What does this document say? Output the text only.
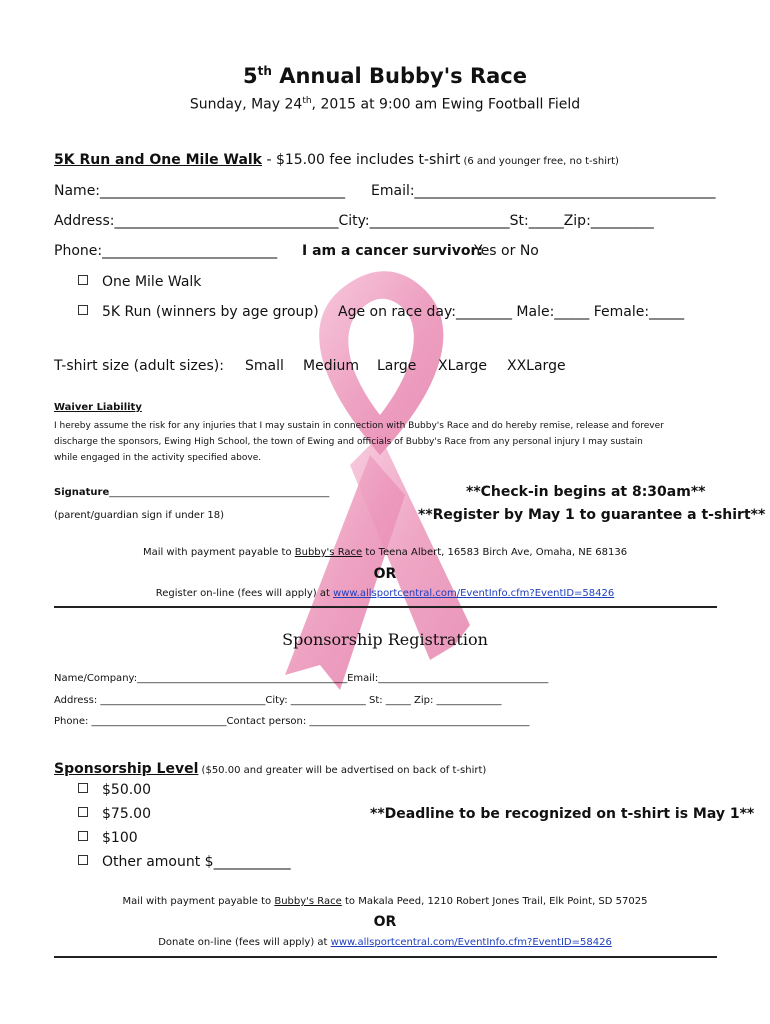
5th Annual Bubby's Race
Sunday, May 24th, 2015 at 9:00 am Ewing Football Field
5K Run and One Mile Walk - $15.00 fee includes t-shirt (6 and younger free, no t-shirt)
Name:___________________________________ Email:___________________________________________
Address:________________________________City:____________________St:_____Zip:_________
Phone:_________________________ I am a cancer survivor:
Yes or No
One Mile Walk
5K Run (winners by age group) Age on race day:________ Male:_____ Female:_____
T-shirt size (adult sizes): Small Medium Large XLarge XXLarge
Waiver Liability
I hereby assume the risk for any injuries that I may sustain in connection with Bubby's Race and do hereby remise, release and forever
discharge the sponsors, Ewing High School, the town of Ewing and officials of Bubby's Race from any personal injury I may sustain
while engaged in the activity specified above.
Signature____________________________________________
(parent/guardian sign if under 18)
**Check-in begins at 8:30am**
**Register by May 1 to guarantee a t-shirt**
Mail with payment payable to Bubby's Race to Teena Albert, 16583 Birch Ave, Omaha, NE 68136
OR
Register on-line (fees will apply) at www.allsportcentral.com/EventInfo.cfm?EventID=58426
Sponsorship Registration
Name/Company:__________________________________________Email:__________________________________
Address: _________________________________City: _______________ St: _____ Zip: _____________
Phone: ___________________________Contact person: ____________________________________________
Sponsorship Level ($50.00 and greater will be advertised on back of t-shirt)
$50.00
$75.00
$100
Other amount $___________
**Deadline to be recognized on t-shirt is May 1**
Mail with payment payable to Bubby's Race to Makala Peed, 1210 Robert Jones Trail, Elk Point, SD 57025
OR
Donate on-line (fees will apply) at www.allsportcentral.com/EventInfo.cfm?EventID=58426
